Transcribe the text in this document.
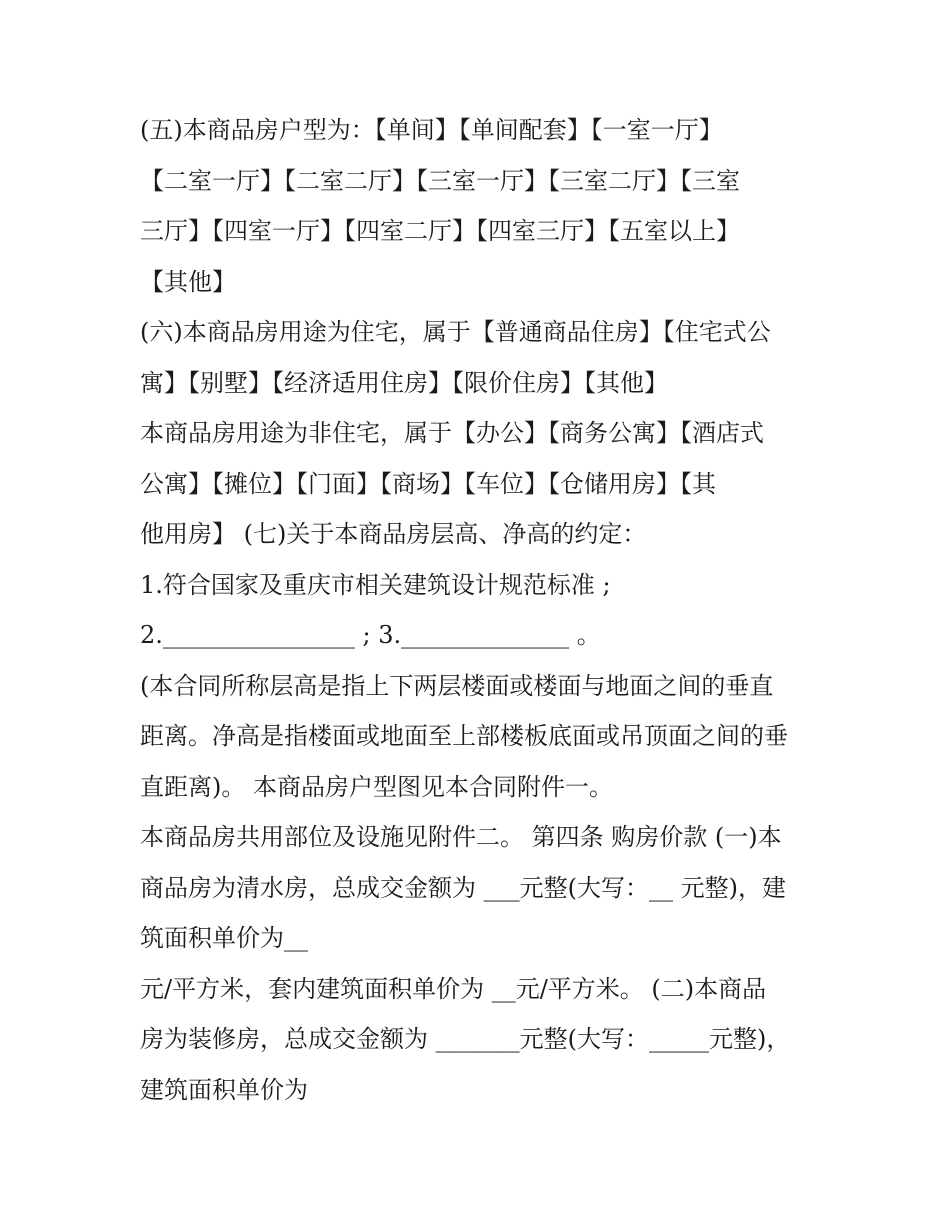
(五)本商品房户型为：【单间】【单间配套】【一室一厅】
【二室一厅】【二室二厅】【三室一厅】【三室二厅】【三室
三厅】【四室一厅】【四室二厅】【四室三厅】【五室以上】
【其他】
(六)本商品房用途为住宅，属于【普通商品住房】【住宅式公
寓】【别墅】【经济适用住房】【限价住房】【其他】
本商品房用途为非住宅，属于【办公】【商务公寓】【酒店式
公寓】【摊位】【门面】【商场】【车位】【仓储用房】【其
他用房】 (七)关于本商品房层高、净高的约定：
1.符合国家及重庆市相关建筑设计规范标准 ;
2.________________ ; 3.______________ 。
(本合同所称层高是指上下两层楼面或楼面与地面之间的垂直
距离。净高是指楼面或地面至上部楼板底面或吊顶面之间的垂
直距离)。 本商品房户型图见本合同附件一。
本商品房共用部位及设施见附件二。 第四条 购房价款 (一)本
商品房为清水房，总成交金额为 ___元整(大写：__ 元整)，建
筑面积单价为__
元/平方米，套内建筑面积单价为 __元/平方米。 (二)本商品
房为装修房，总成交金额为 _______元整(大写：_____元整)，
建筑面积单价为
